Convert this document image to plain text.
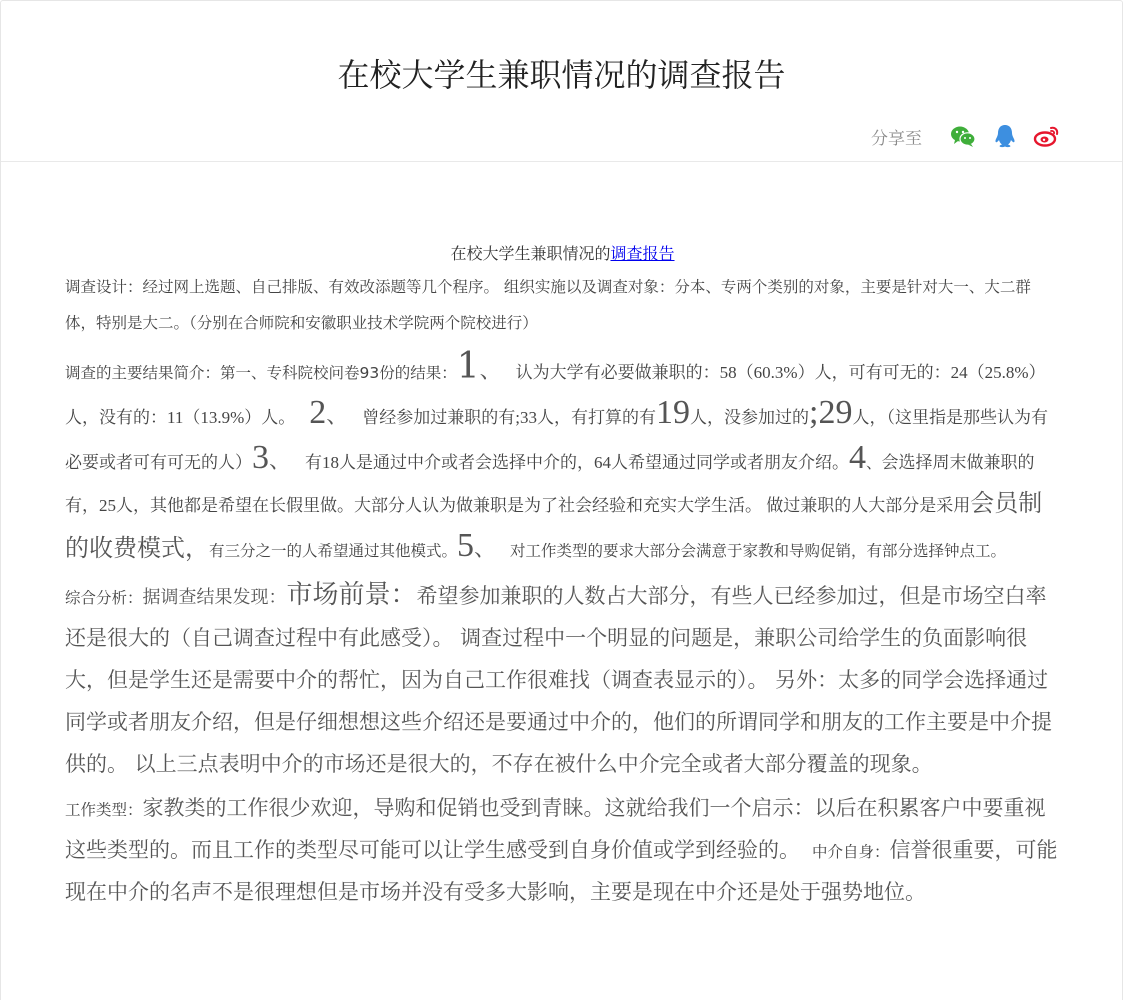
在校大学生兼职情况的调查报告
分享至
在校大学生兼职情况的调查报告

调查设计：经过网上选题、自己排版、有效改添题等几个程序。 组织实施以及调查对象：分本、专两个类别的对象，主要是针对大一、大二群体，特别是大二。（分别在合师院和安徽职业技术学院两个院校进行）

调查的主要结果简介：第一、专科院校问卷93份的结果：1、 认为大学有必要做兼职的：58（60.3%）人，可有可无的：24（25.8%）人，没有的：11（13.9%）人。 2、 曾经参加过兼职的有;33人，有打算的有19人，没参加过的;29人，（这里指是那些认为有必要或者可有可无的人）3、 有18人是通过中介或者会选择中介的，64人希望通过同学或者朋友介绍。4、会选择周末做兼职的有，25人，其他都是希望在长假里做。大部分人认为做兼职是为了社会经验和充实大学生活。 做过兼职的人大部分是采用会员制的收费模式，有三分之一的人希望通过其他模式。5、 对工作类型的要求大部分会满意于家教和导购促销，有部分选择钟点工。

综合分析：据调查结果发现：市场前景：希望参加兼职的人数占大部分，有些人已经参加过，但是市场空白率还是很大的（自己调查过程中有此感受）。 调查过程中一个明显的问题是，兼职公司给学生的负面影响很大，但是学生还是需要中介的帮忙，因为自己工作很难找（调查表显示的）。 另外：太多的同学会选择通过同学或者朋友介绍，但是仔细想想这些介绍还是要通过中介的，他们的所谓同学和朋友的工作主要是中介提供的。 以上三点表明中介的市场还是很大的，不存在被什么中介完全或者大部分覆盖的现象。

工作类型：家教类的工作很少欢迎，导购和促销也受到青睐。这就给我们一个启示：以后在积累客户中要重视这些类型的。而且工作的类型尽可能可以让学生感受到自身价值或学到经验的。 中介自身：信誉很重要，可能现在中介的名声不是很理想但是市场并没有受多大影响，主要是现在中介还是处于强势地位。
